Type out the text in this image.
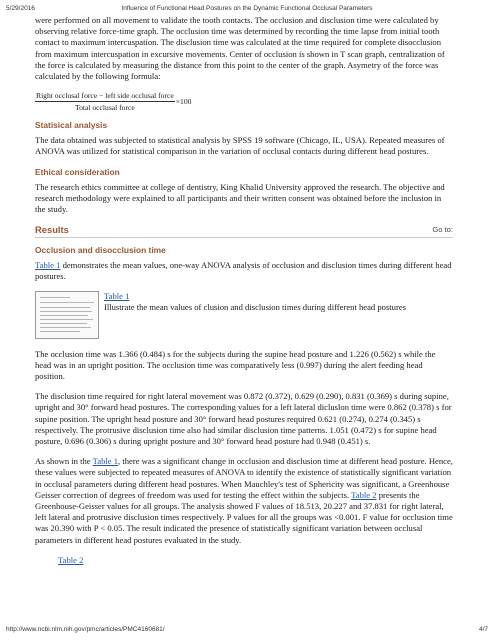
5/29/2016	Influence of Functional Head Postures on the Dynamic Functional Occlusal Parameters

were performed on all movement to validate the tooth contacts. The occlusion and disclusion time were calculated by observing relative force-time graph. The occlusion time was determined by recording the time lapse from initial tooth contact to maximum intercuspation. The disclusion time was calculated at the time required for complete disocclusion from maximum intercuspation in excursive movements. Center of occlusion is shown in T scan graph, centralization of the force is calculated by measuring the distance from this point to the center of the graph. Asymetry of the force was calculated by the following formula:

$\frac{\text{Right occlusal force − left side occlusal force}}{\text{Total occlusal force}} \times 100$
Statisical analysis

The data obtained was subjected to statistical analysis by SPSS 19 software (Chicago, IL, USA). Repeated measures of ANOVA was utilized for statistical comparison in the variation of occlusal contacts during different head postures.

Ethical consideration

The research ethics committee at college of dentistry, King Khalid University approved the research. The objective and research methodology were explained to all participants and their written consent was obtained before the inclusion in the study.

Results	Go to:
Occlusion and disocclusion time

Table 1 demonstrates the mean values, one-way ANOVA analysis of occlusion and disclusion times during different head postures.

Table 1
Illustrate the mean values of clusion and disclusion times during different head postures

The occlusion time was 1.366 (0.484) s for the subjects during the supine head posture and 1.226 (0.562) s while the head was in an upright position. The occlusion time was comparatively less (0.997) during the alert feeding head position.

The disclusion time required for right lateral movement was 0.872 (0.372), 0.629 (0.290), 0.831 (0.369) s during supine, upright and 30° forward head postures. The corresponding values for a left lateral dicluslon time were 0.862 (0.378) s for supine position. The upright head posture and 30° forward head postures required 0.621 (0.274), 0.274 (0.345) s respectively. The protrusive disclusion time also had similar disclusion time patterns. 1.051 (0.472) s for supine head posture, 0.696 (0.306) s during upright posture and 30° forward head posture had 0.948 (0.451) s.

As shown in the Table 1, there was a significant change in occlusion and disclusion time at different head posture. Hence, these values were subjected to repeated measures of ANOVA to identify the existence of statistically significant variation in occlusal parameters during different head postures. When Mauchley's test of Sphericity was significant, a Greenhouse Geisser correction of degrees of freedom was used for testing the effect within the subjects. Table 2 presents the Greenhouse-Geisser values for all groups. The analysis showed F values of 18.513, 20.227 and 37.831 for right lateral, left lateral and protrusive disclusion times respectively. P values for all the groups was <0.001. F value for occlusion time was 20.390 with P < 0.05. The result indicated the presence of statistically significant variation between occlusal parameters in different head postures evaluated in the study.

Table 2

http://www.ncbi.nlm.nih.gov/pmc/articles/PMC4160681/	4/7
